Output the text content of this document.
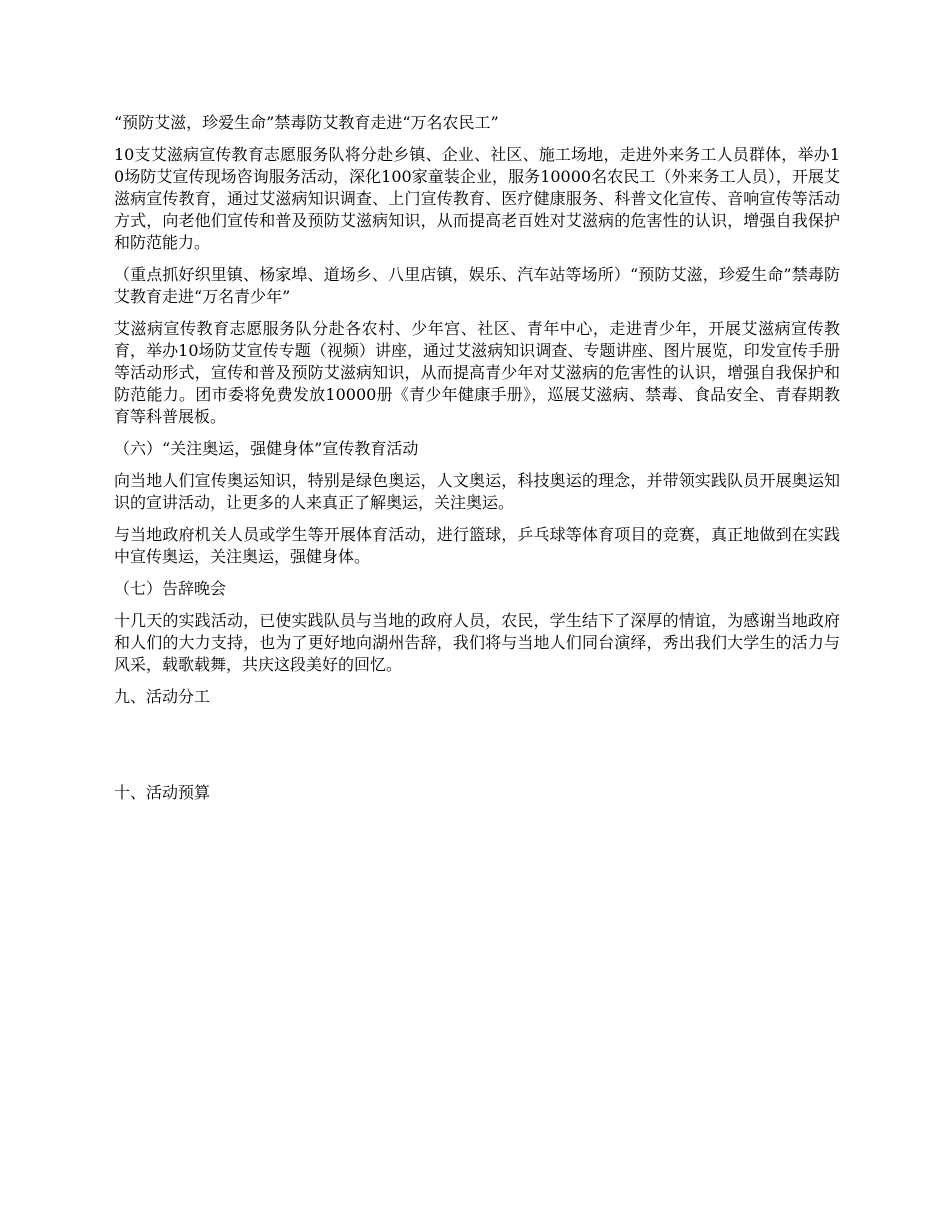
“预防艾滋，珍爱生命”禁毒防艾教育走进“万名农民工”

10支艾滋病宣传教育志愿服务队将分赴乡镇、企业、社区、施工场地，走进外来务工人员群体，举办10场防艾宣传现场咨询服务活动，深化100家童装企业，服务10000名农民工（外来务工人员），开展艾滋病宣传教育，通过艾滋病知识调查、上门宣传教育、医疗健康服务、科普文化宣传、音响宣传等活动方式，向老他们宣传和普及预防艾滋病知识，从而提高老百姓对艾滋病的危害性的认识，增强自我保护和防范能力。

（重点抓好织里镇、杨家埠、道场乡、八里店镇，娱乐、汽车站等场所）“预防艾滋，珍爱生命”禁毒防艾教育走进“万名青少年”

艾滋病宣传教育志愿服务队分赴各农村、少年宫、社区、青年中心，走进青少年，开展艾滋病宣传教育，举办10场防艾宣传专题（视频）讲座，通过艾滋病知识调查、专题讲座、图片展览，印发宣传手册等活动形式，宣传和普及预防艾滋病知识，从而提高青少年对艾滋病的危害性的认识，增强自我保护和防范能力。团市委将免费发放10000册《青少年健康手册》，巡展艾滋病、禁毒、食品安全、青春期教育等科普展板。

（六）“关注奥运，强健身体”宣传教育活动

向当地人们宣传奥运知识，特别是绿色奥运，人文奥运，科技奥运的理念，并带领实践队员开展奥运知识的宣讲活动，让更多的人来真正了解奥运，关注奥运。

与当地政府机关人员或学生等开展体育活动，进行篮球，乒乓球等体育项目的竞赛，真正地做到在实践中宣传奥运，关注奥运，强健身体。

（七）告辞晚会

十几天的实践活动，已使实践队员与当地的政府人员，农民，学生结下了深厚的情谊，为感谢当地政府和人们的大力支持，也为了更好地向湖州告辞，我们将与当地人们同台演绎，秀出我们大学生的活力与风采，载歌载舞，共庆这段美好的回忆。

九、活动分工

十、活动预算
